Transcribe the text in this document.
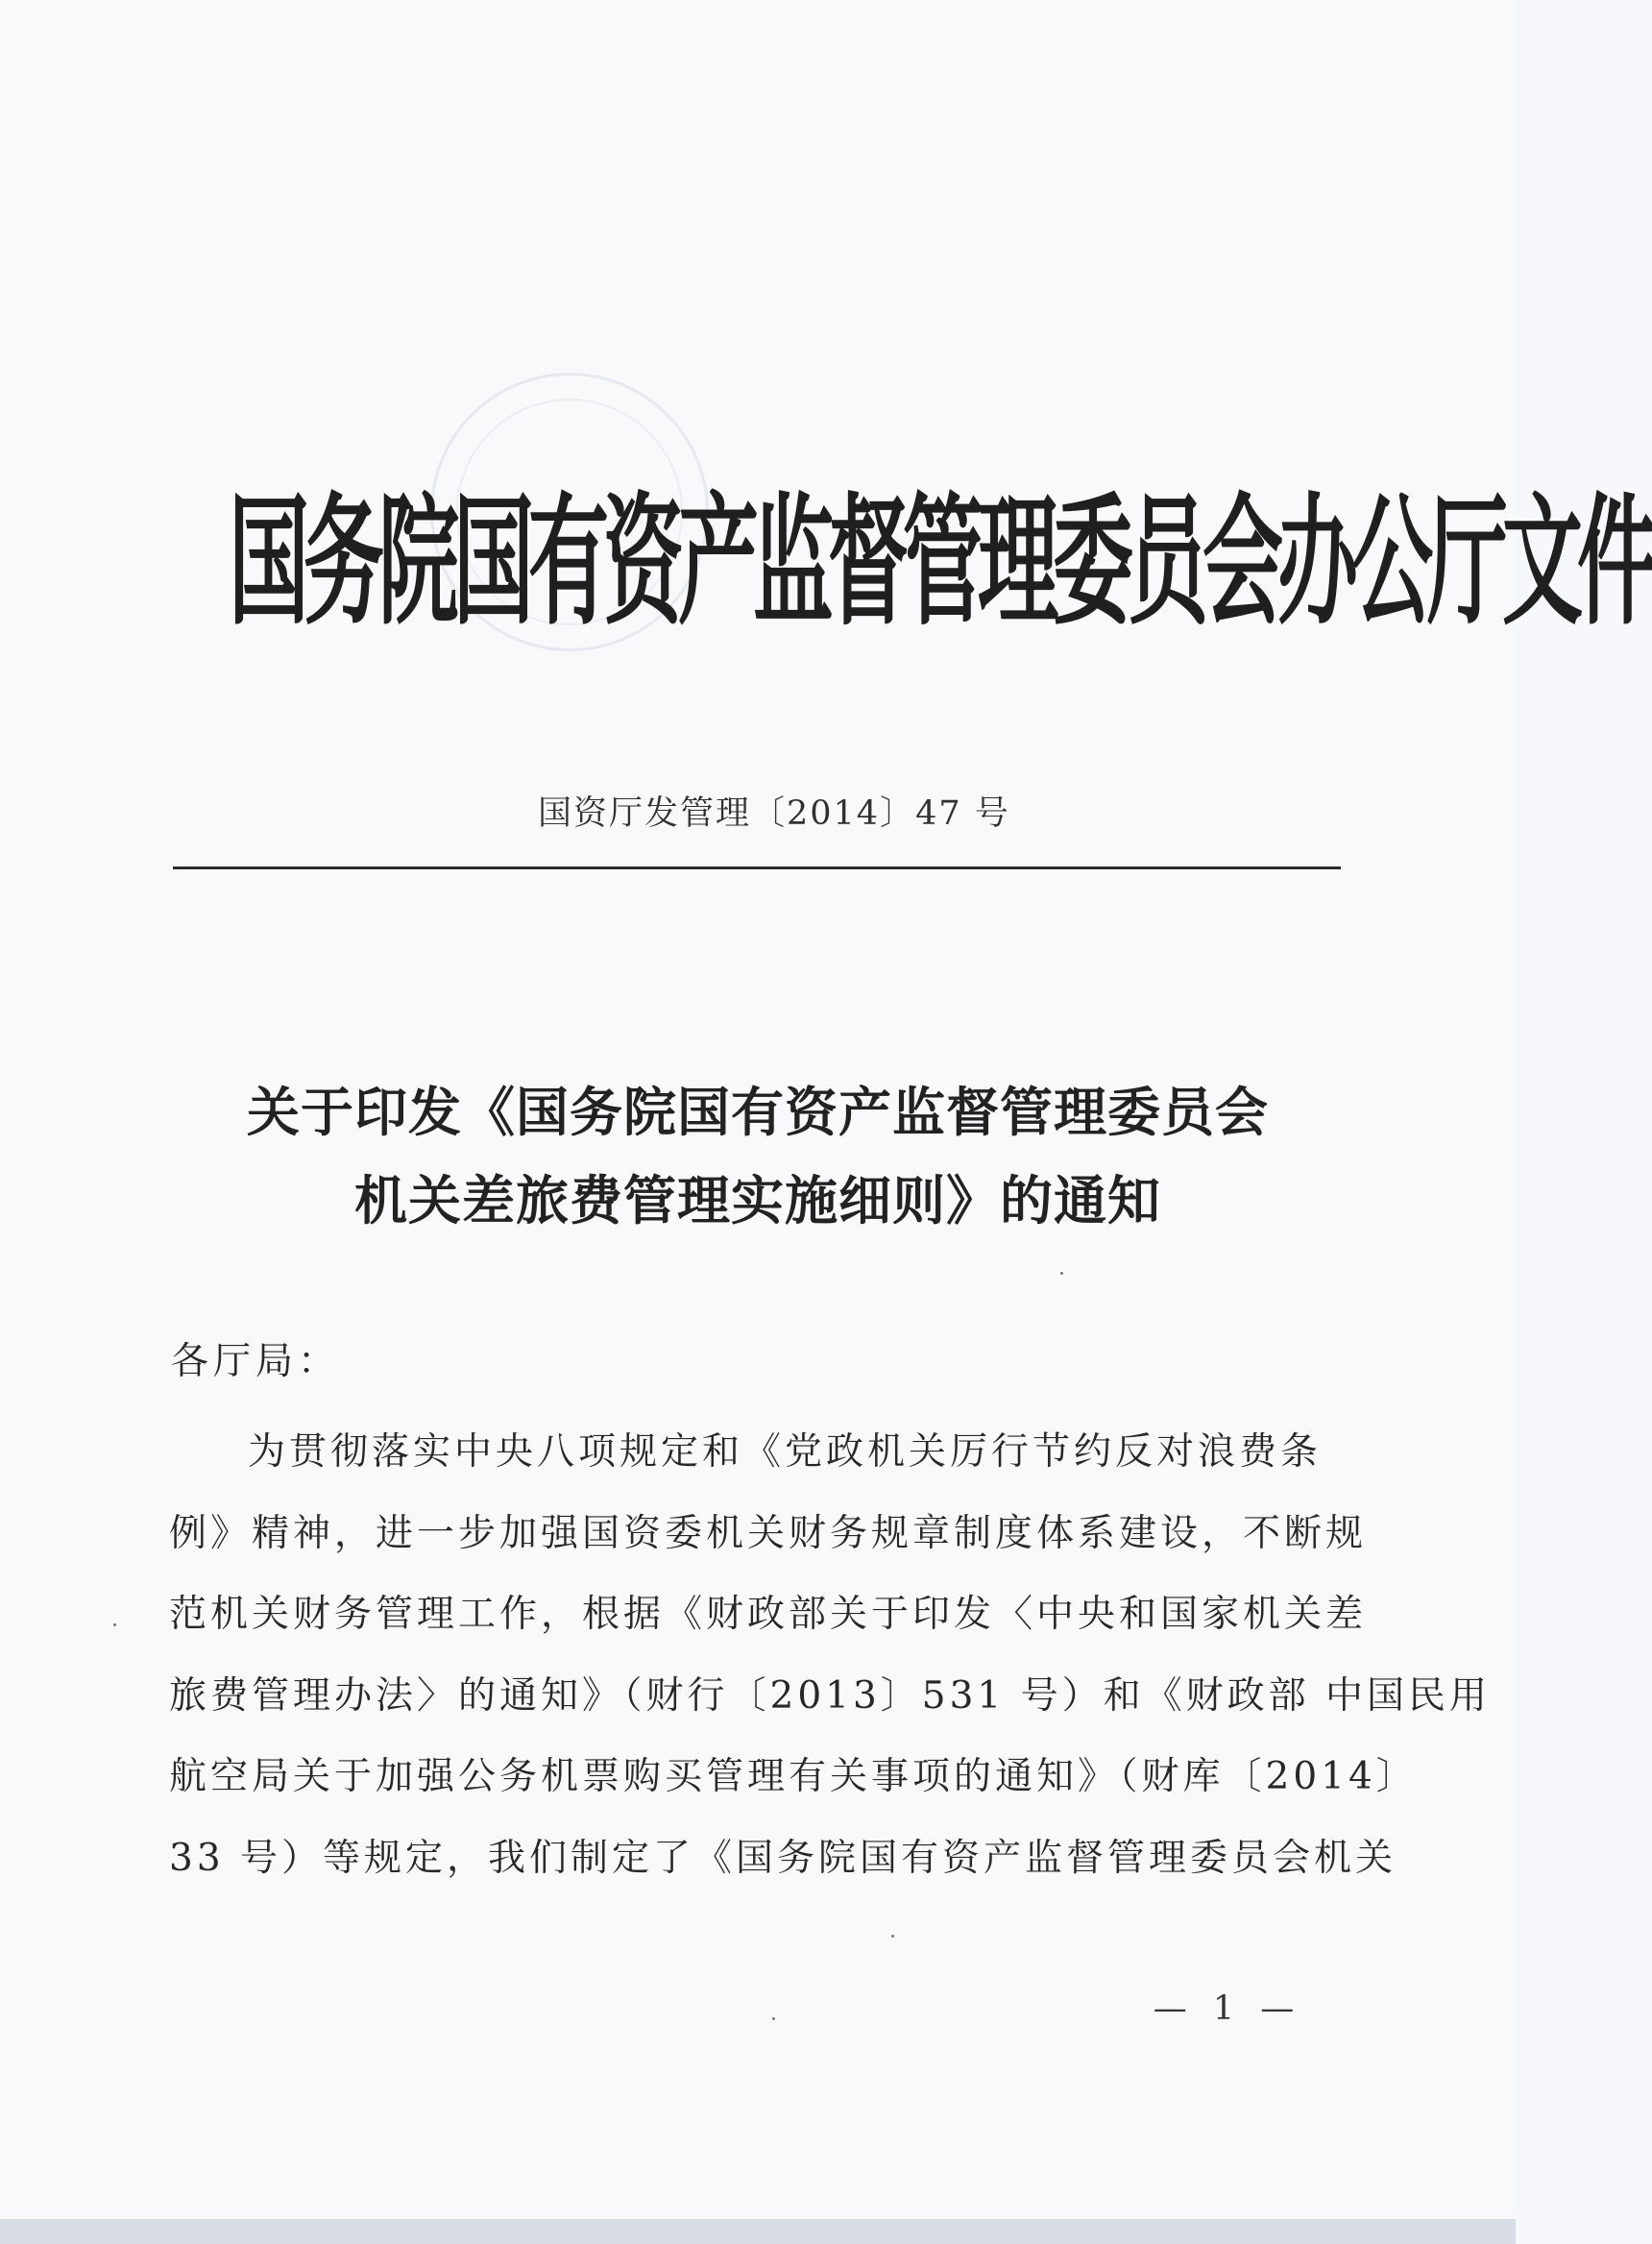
国务院国有资产监督管理委员会办公厅文件
国资厅发管理〔2014〕47 号
关于印发《国务院国有资产监督管理委员会
机关差旅费管理实施细则》的通知
各厅局：

为贯彻落实中央八项规定和《党政机关厉行节约反对浪费条

例》精神，进一步加强国资委机关财务规章制度体系建设，不断规

范机关财务管理工作，根据《财政部关于印发〈中央和国家机关差

旅费管理办法〉的通知》（财行〔2013〕531 号）和《财政部 中国民用

航空局关于加强公务机票购买管理有关事项的通知》（财库〔2014〕

33 号）等规定，我们制定了《国务院国有资产监督管理委员会机关

— 1 —
